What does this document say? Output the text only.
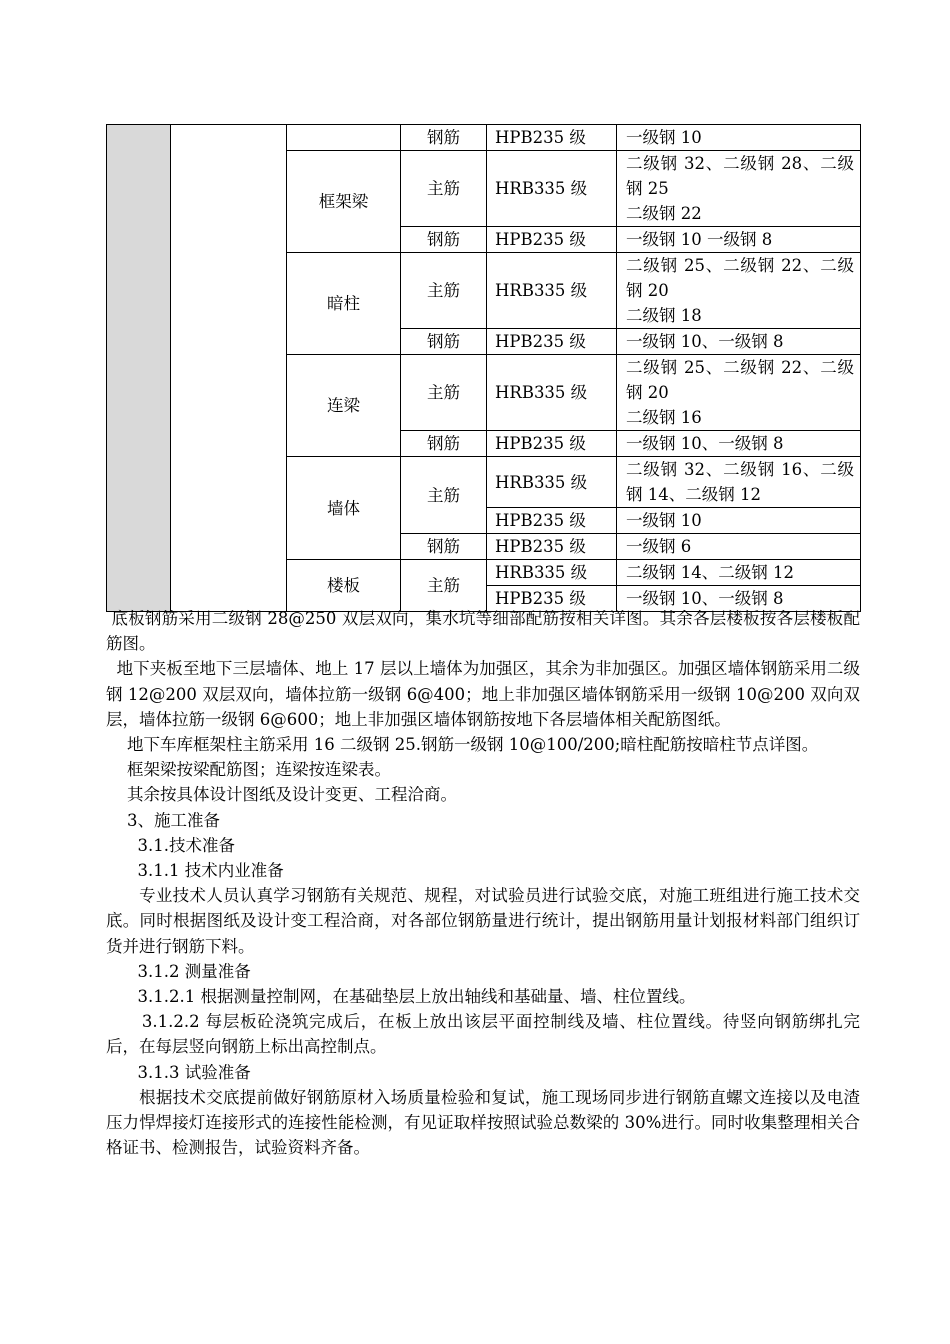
			钢筋	HPB235 级	一级钢 10
		框架梁	主筋	HRB335 级	二级钢 32、二级钢 28、二级钢 25
二级钢 22

			钢筋	HPB235 级	一级钢 10 一级钢 8
		暗柱	主筋	HRB335 级	二级钢 25、二级钢 22、二级钢 20
二级钢 18

			钢筋	HPB235 级	一级钢 10、一级钢 8
		连梁	主筋	HRB335 级	二级钢 25、二级钢 22、二级钢 20
二级钢 16

			钢筋	HPB235 级	一级钢 10、一级钢 8
		墙体	主筋	HRB335 级	二级钢 32、二级钢 16、二级钢 14、二级钢 12
				HPB235 级	一级钢 10
			钢筋	HPB235 级	一级钢 6
		楼板	主筋	HRB335 级	二级钢 14、二级钢 12
				HPB235 级	一级钢 10、一级钢 8

底板钢筋采用二级钢 28@250 双层双向，集水坑等细部配筋按相关详图。其余各层楼板按各层楼板配筋图。

地下夹板至地下三层墙体、地上 17 层以上墙体为加强区，其余为非加强区。加强区墙体钢筋采用二级钢 12@200 双层双向，墙体拉筋一级钢 6@400；地上非加强区墙体钢筋采用一级钢 10@200 双向双层，墙体拉筋一级钢 6@600；地上非加强区墙体钢筋按地下各层墙体相关配筋图纸。

地下车库框架柱主筋采用 16 二级钢 25.钢筋一级钢 10@100/200;暗柱配筋按暗柱节点详图。

框架梁按梁配筋图；连梁按连梁表。

其余按具体设计图纸及设计变更、工程洽商。

3、施工准备

3.1.技术准备

3.1.1 技术内业准备

专业技术人员认真学习钢筋有关规范、规程，对试验员进行试验交底，对施工班组进行施工技术交底。同时根据图纸及设计变工程洽商，对各部位钢筋量进行统计，提出钢筋用量计划报材料部门组织订货并进行钢筋下料。

3.1.2 测量准备

3.1.2.1 根据测量控制网，在基础垫层上放出轴线和基础量、墙、柱位置线。

3.1.2.2 每层板砼浇筑完成后，在板上放出该层平面控制线及墙、柱位置线。待竖向钢筋绑扎完后，在每层竖向钢筋上标出高控制点。

3.1.3 试验准备

根据技术交底提前做好钢筋原材入场质量检验和复试，施工现场同步进行钢筋直螺文连接以及电渣压力悍焊接灯连接形式的连接性能检测，有见证取样按照试验总数梁的 30%进行。同时收集整理相关合格证书、检测报告，试验资料齐备。
